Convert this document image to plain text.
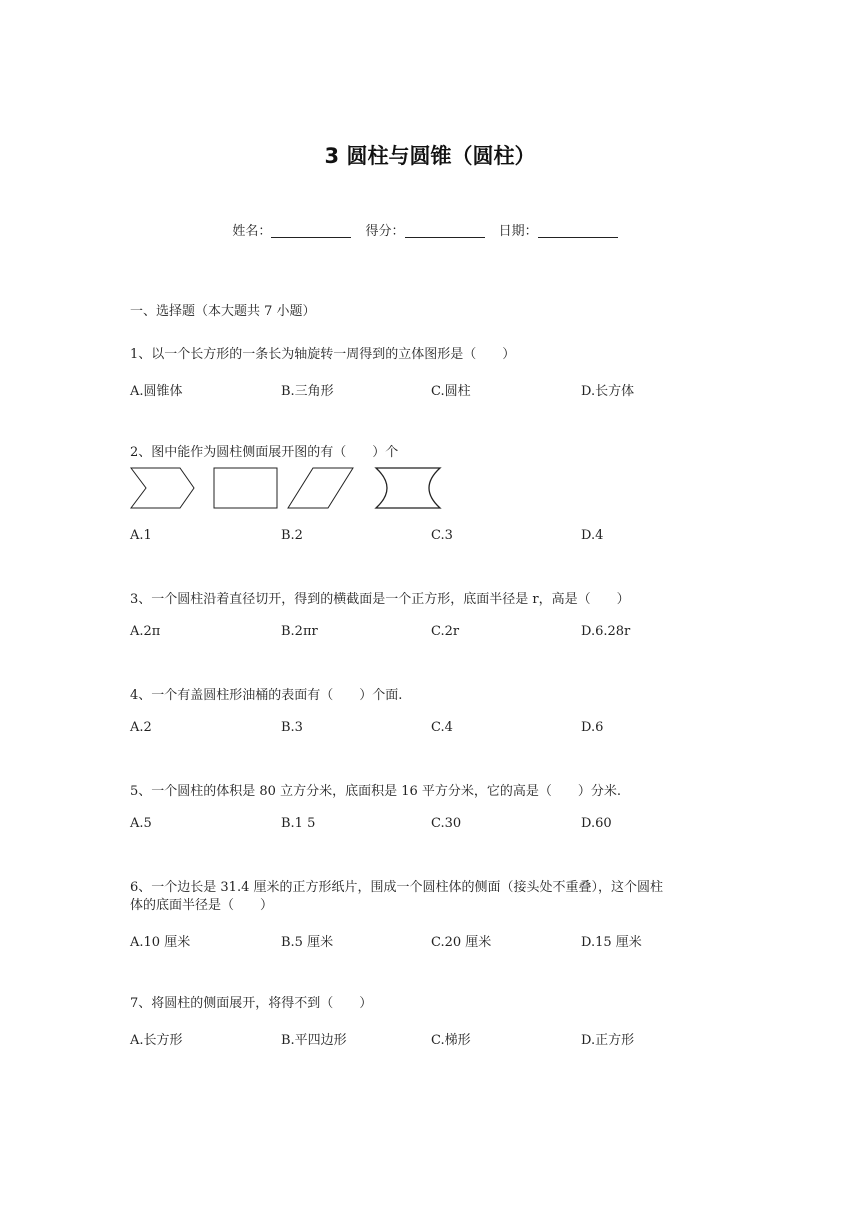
3 圆柱与圆锥（圆柱）
姓名：	得分：	日期：
一、选择题（本大题共 7 小题）
1、以一个长方形的一条长为轴旋转一周得到的立体图形是（　　）
A.圆锥体	B.三角形	C.圆柱	D.长方体
2、图中能作为圆柱侧面展开图的有（　　）个
A.1	B.2	C.3	D.4
3、一个圆柱沿着直径切开，得到的横截面是一个正方形，底面半径是 r，高是（　　）
A.2π	B.2πr	C.2r	D.6.28r
4、一个有盖圆柱形油桶的表面有（　　）个面.
A.2	B.3	C.4	D.6
5、一个圆柱的体积是 80 立方分米，底面积是 16 平方分米，它的高是（　　）分米.
A.5	B.1 5	C.30	D.60
6、一个边长是 31.4 厘米的正方形纸片，围成一个圆柱体的侧面（接头处不重叠），这个圆柱
体的底面半径是（　　）
A.10 厘米	B.5 厘米	C.20 厘米	D.15 厘米
7、将圆柱的侧面展开，将得不到（　　）
A.长方形	B.平四边形	C.梯形	D.正方形
